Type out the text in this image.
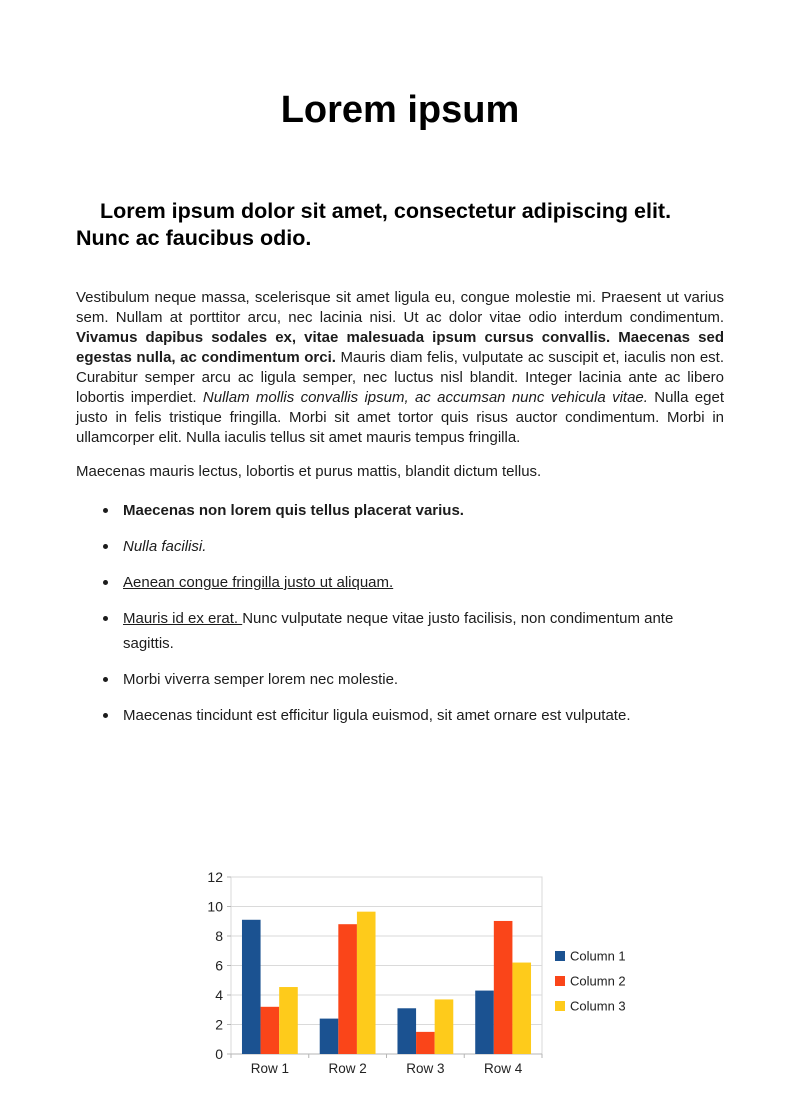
Lorem ipsum
Lorem ipsum dolor sit amet, consectetur adipiscing elit. Nunc ac faucibus odio.

Vestibulum neque massa, scelerisque sit amet ligula eu, congue molestie mi. Praesent ut varius sem. Nullam at porttitor arcu, nec lacinia nisi. Ut ac dolor vitae odio interdum condimentum. Vivamus dapibus sodales ex, vitae malesuada ipsum cursus convallis. Maecenas sed egestas nulla, ac condimentum orci. Mauris diam felis, vulputate ac suscipit et, iaculis non est. Curabitur semper arcu ac ligula semper, nec luctus nisl blandit. Integer lacinia ante ac libero lobortis imperdiet. Nullam mollis convallis ipsum, ac accumsan nunc vehicula vitae. Nulla eget justo in felis tristique fringilla. Morbi sit amet tortor quis risus auctor condimentum. Morbi in ullamcorper elit. Nulla iaculis tellus sit amet mauris tempus fringilla.

Maecenas mauris lectus, lobortis et purus mattis, blandit dictum tellus.

Maecenas non lorem quis tellus placerat varius.
Nulla facilisi.
Aenean congue fringilla justo ut aliquam.
Mauris id ex erat. Nunc vulputate neque vitae justo facilisis, non condimentum ante sagittis.
Morbi viverra semper lorem nec molestie.
Maecenas tincidunt est efficitur ligula euismod, sit amet ornare est vulputate.
0
2
4
6
8
10
12
Row 1	Row 2	Row 3	Row 4
Column 1
Column 2
Column 3
